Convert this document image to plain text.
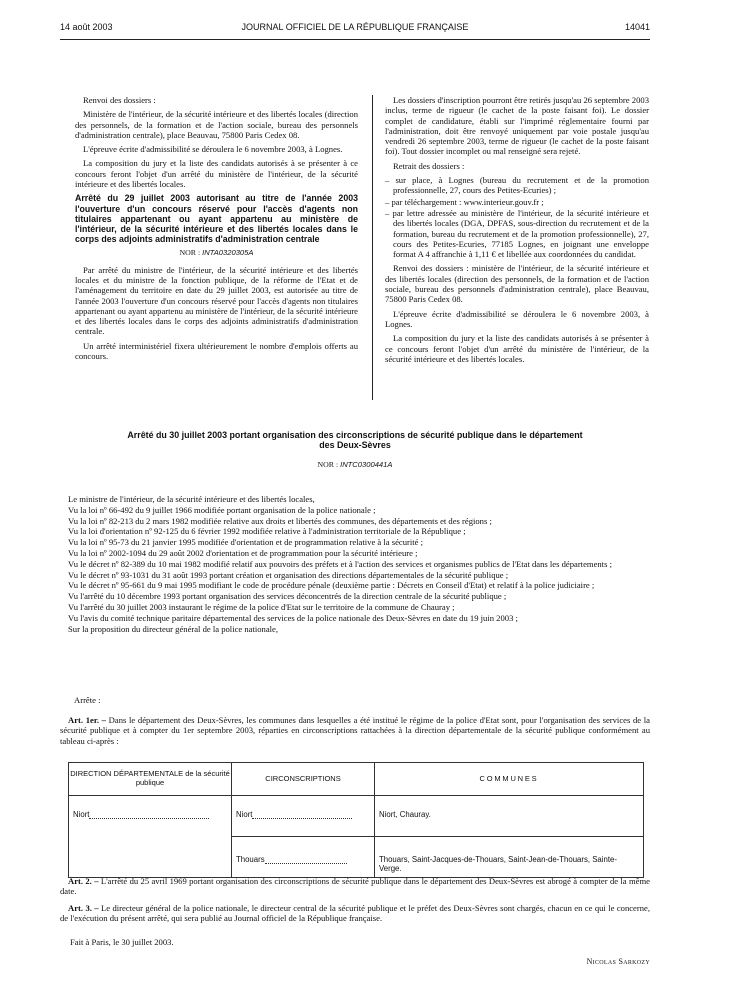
14 août 2003	JOURNAL OFFICIEL DE LA RÉPUBLIQUE FRANÇAISE	14041

Renvoi des dossiers :

Ministère de l'intérieur, de la sécurité intérieure et des libertés locales (direction des personnels, de la formation et de l'action sociale, bureau des personnels d'administration centrale), place Beauvau, 75800 Paris Cedex 08.

L'épreuve écrite d'admissibilité se déroulera le 6 novembre 2003, à Lognes.

La composition du jury et la liste des candidats autorisés à se présenter à ce concours feront l'objet d'un arrêté du ministère de l'intérieur, de la sécurité intérieure et des libertés locales.

Arrêté du 29 juillet 2003 autorisant au titre de l'année 2003 l'ouverture d'un concours réservé pour l'accès d'agents non titulaires appartenant ou ayant appartenu au ministère de l'intérieur, de la sécurité intérieure et des libertés locales dans le corps des adjoints administratifs d'administration centrale

NOR : INTA0320305A

Par arrêté du ministre de l'intérieur, de la sécurité intérieure et des libertés locales et du ministre de la fonction publique, de la réforme de l'Etat et de l'aménagement du territoire en date du 29 juillet 2003, est autorisée au titre de l'année 2003 l'ouverture d'un concours réservé pour l'accès d'agents non titulaires appartenant ou ayant appartenu au ministère de l'intérieur, de la sécurité intérieure et des libertés locales dans le corps des adjoints administratifs d'administration centrale.

Un arrêté interministériel fixera ultérieurement le nombre d'emplois offerts au concours.

Les dossiers d'inscription pourront être retirés jusqu'au 26 septembre 2003 inclus, terme de rigueur (le cachet de la poste faisant foi). Le dossier complet de candidature, établi sur l'imprimé réglementaire fourni par l'administration, doit être renvoyé uniquement par voie postale jusqu'au vendredi 26 septembre 2003, terme de rigueur (le cachet de la poste faisant foi). Tout dossier incomplet ou mal renseigné sera rejeté.

Retrait des dossiers :

– sur place, à Lognes (bureau du recrutement et de la promotion professionnelle, 27, cours des Petites-Ecuries) ;
– par téléchargement : www.interieur.gouv.fr ;
– par lettre adressée au ministère de l'intérieur, de la sécurité intérieure et des libertés locales (DGA, DPFAS, sous-direction du recrutement et de la formation, bureau du recrutement et de la promotion professionnelle), 27, cours des Petites-Ecuries, 77185 Lognes, en joignant une enveloppe format A 4 affranchie à 1,11 € et libellée aux coordonnées du candidat.

Renvoi des dossiers : ministère de l'intérieur, de la sécurité intérieure et des libertés locales (direction des personnels, de la formation et de l'action sociale, bureau des personnels d'administration centrale), place Beauvau, 75800 Paris Cedex 08.

L'épreuve écrite d'admissibilité se déroulera le 6 novembre 2003, à Lognes.

La composition du jury et la liste des candidats autorisés à se présenter à ce concours feront l'objet d'un arrêté du ministère de l'intérieur, de la sécurité intérieure et des libertés locales.

Arrêté du 30 juillet 2003 portant organisation des circonscriptions de sécurité publique dans le département des Deux-Sèvres
NOR : INTC0300441A

Le ministre de l'intérieur, de la sécurité intérieure et des libertés locales,

Vu la loi nº 66-492 du 9 juillet 1966 modifiée portant organisation de la police nationale ;

Vu la loi nº 82-213 du 2 mars 1982 modifiée relative aux droits et libertés des communes, des départements et des régions ;

Vu la loi d'orientation nº 92-125 du 6 février 1992 modifiée relative à l'administration territoriale de la République ;

Vu la loi nº 95-73 du 21 janvier 1995 modifiée d'orientation et de programmation relative à la sécurité ;

Vu la loi nº 2002-1094 du 29 août 2002 d'orientation et de programmation pour la sécurité intérieure ;

Vu le décret nº 82-389 du 10 mai 1982 modifié relatif aux pouvoirs des préfets et à l'action des services et organismes publics de l'Etat dans les départements ;

Vu le décret nº 93-1031 du 31 août 1993 portant création et organisation des directions départementales de la sécurité publique ;

Vu le décret nº 95-661 du 9 mai 1995 modifiant le code de procédure pénale (deuxième partie : Décrets en Conseil d'Etat) et relatif à la police judiciaire ;

Vu l'arrêté du 10 décembre 1993 portant organisation des services déconcentrés de la direction centrale de la sécurité publique ;

Vu l'arrêté du 30 juillet 2003 instaurant le régime de la police d'Etat sur le territoire de la commune de Chauray ;

Vu l'avis du comité technique paritaire départemental des services de la police nationale des Deux-Sèvres en date du 19 juin 2003 ;

Sur la proposition du directeur général de la police nationale,

Arrête :

Art. 1er. – Dans le département des Deux-Sèvres, les communes dans lesquelles a été institué le régime de la police d'Etat sont, pour l'organisation des services de la sécurité publique et à compter du 1er septembre 2003, réparties en circonscriptions rattachées à la direction départementale de la sécurité publique conformément au tableau ci-après :

DIRECTION DÉPARTEMENTALE de la sécurité publique	CIRCONSCRIPTIONS	COMMUNES

Niort	Niort	Niort, Chauray.

	Thouars	Thouars, Saint-Jacques-de-Thouars, Saint-Jean-de-Thouars, Sainte-Verge.

Art. 2. – L'arrêté du 25 avril 1969 portant organisation des circonscriptions de sécurité publique dans le département des Deux-Sèvres est abrogé à compter de la même date.

Art. 3. – Le directeur général de la police nationale, le directeur central de la sécurité publique et le préfet des Deux-Sèvres sont chargés, chacun en ce qui le concerne, de l'exécution du présent arrêté, qui sera publié au Journal officiel de la République française.

Fait à Paris, le 30 juillet 2003.
Nicolas Sarkozy
